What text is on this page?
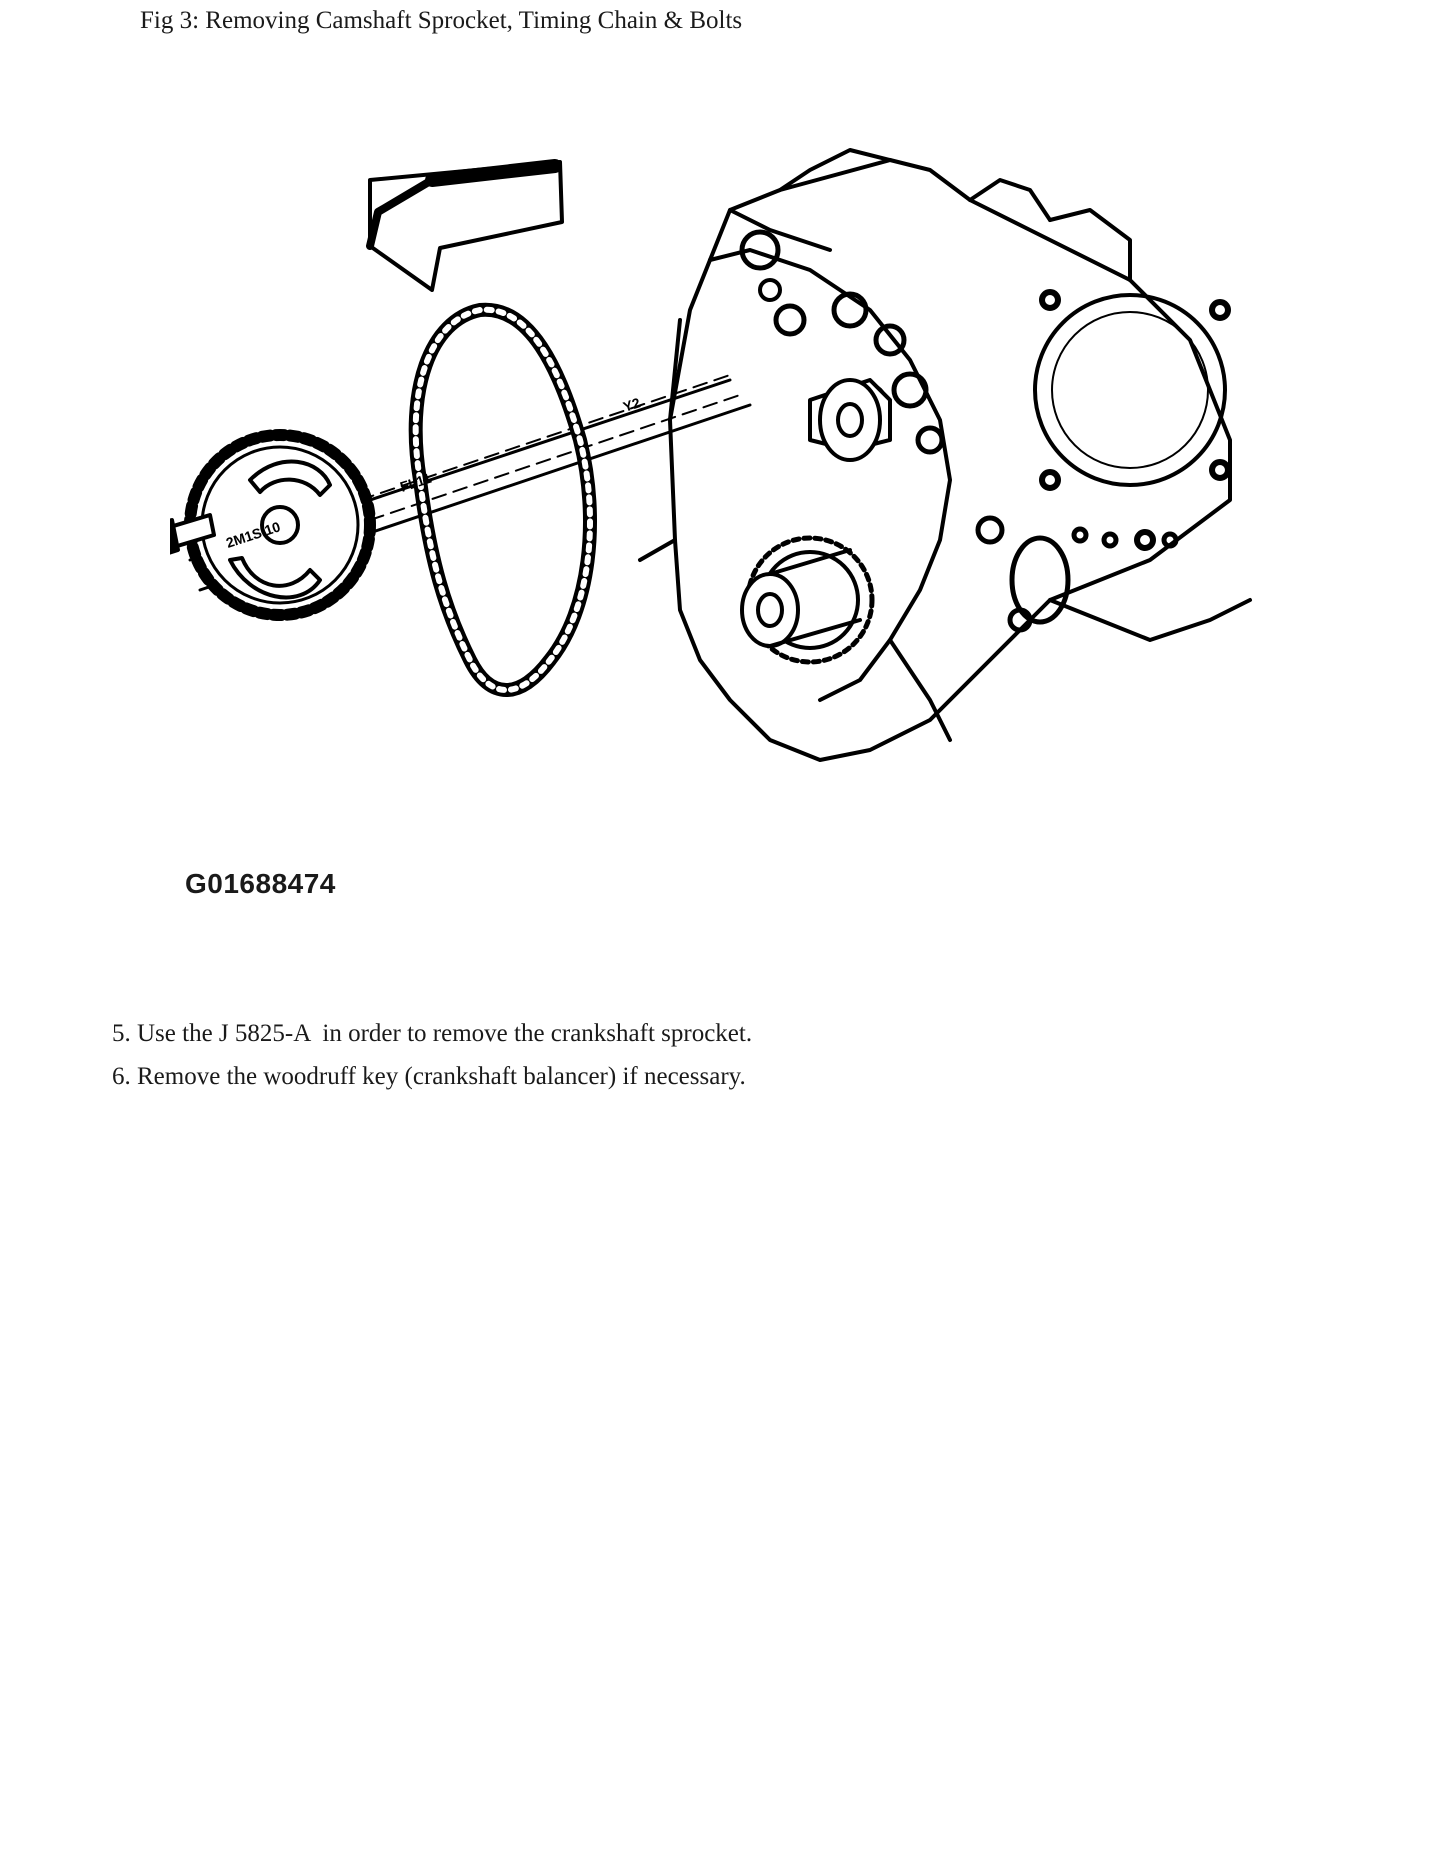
Fig 3: Removing Camshaft Sprocket, Timing Chain & Bolts
Y2
FL11
2M1S 10
G01688474
5. Use the J 5825-A  in order to remove the crankshaft sprocket.
6. Remove the woodruff key (crankshaft balancer) if necessary.
